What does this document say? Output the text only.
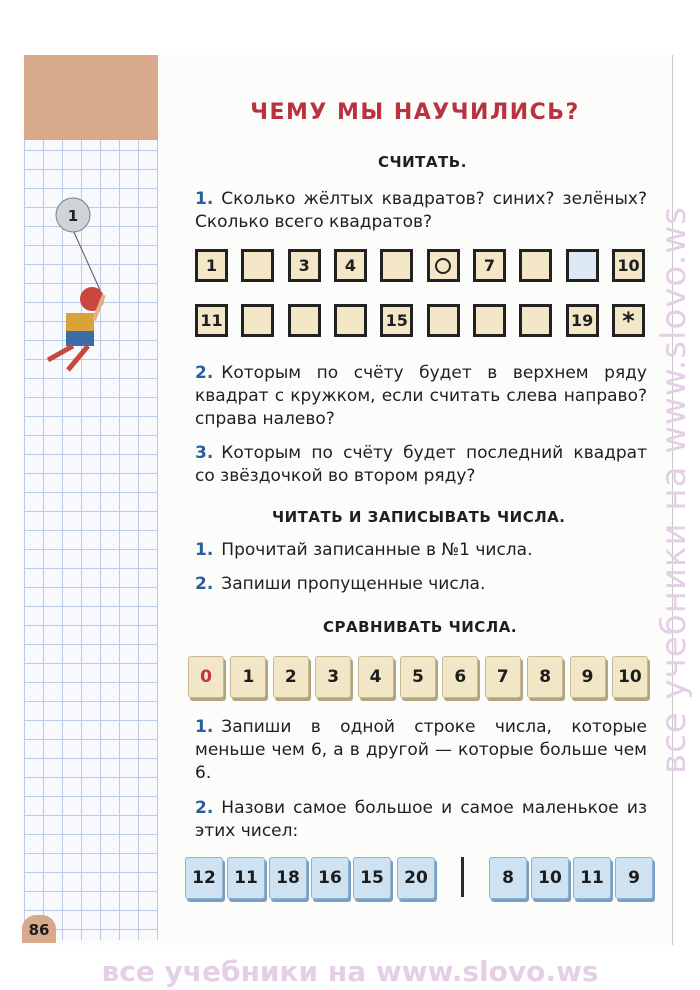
1	все учебники на www.slovo.ws
ЧЕМУ МЫ НАУЧИЛИСЬ?
СЧИТАТЬ.
1. Сколько жёлтых квадратов? синих? зелёных? Сколько всего квадратов?
1	3 4	7	10
11	15	19 *
2. Которым по счёту будет в верхнем ряду квадрат с кружком, если считать слева направо? справа налево?
3. Которым по счёту будет последний квадрат со звёздочкой во втором ряду?
ЧИТАТЬ И ЗАПИСЫВАТЬ ЧИСЛА.
1. Прочитай записанные в №1 числа.
2. Запиши пропущенные числа.
СРАВНИВАТЬ ЧИСЛА.
0	1	2	3	4	5	6	7	8	9	10
1. Запиши в одной строке числа, которые меньше чем 6, а в другой — которые больше чем 6.
2. Назови самое большое и самое маленькое из этих чисел:
12	11	18	16	15	20	8	10	11	9
86
все учебники на www.slovo.ws
